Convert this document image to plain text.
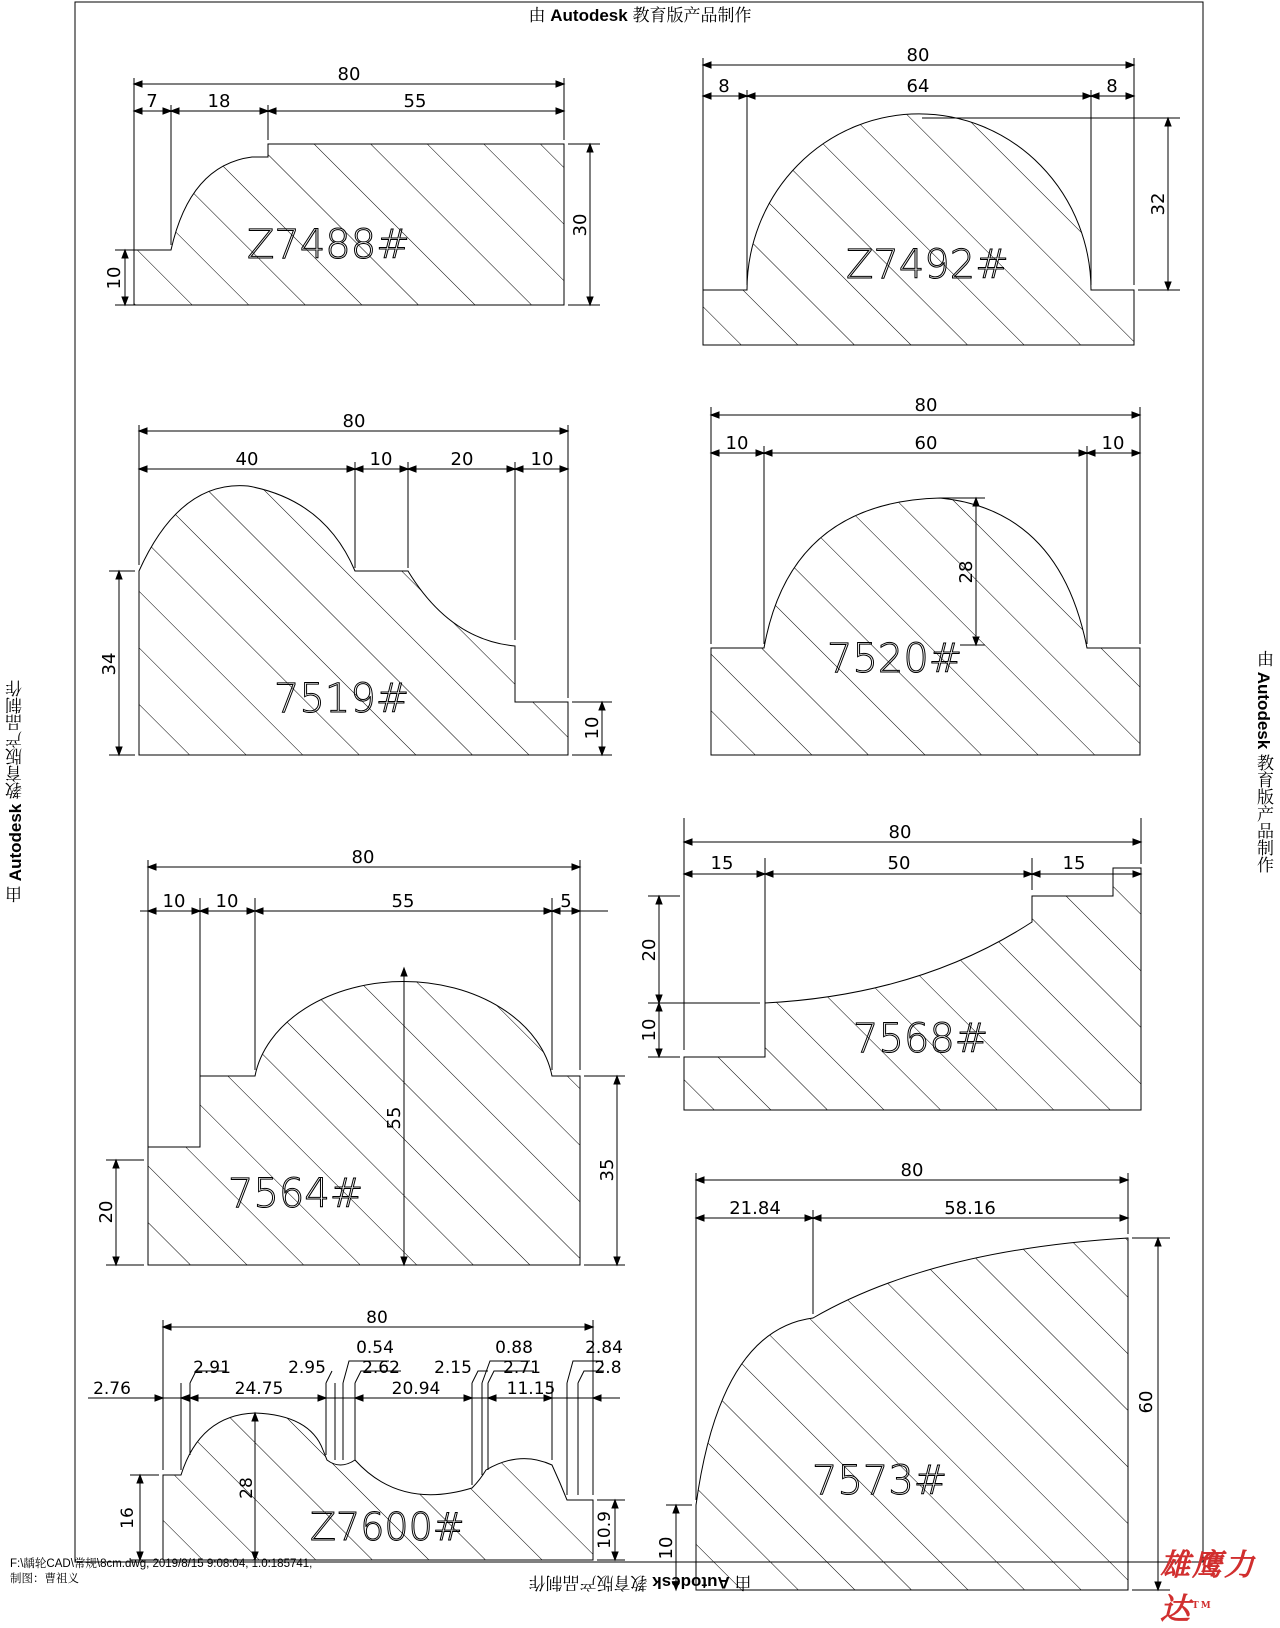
80
7	18	55
30
10
Z7488#
80
8	64	8
32
Z7492#
80
40	10	20	10
34
10
7519#
80
10	60	10
28
7520#
80
10 10	55	5
55
20
35
7564#
80
15	50	15
20
10	7568#
80
2.76
2.91
24.75
2.95
0.54
2.62
20.94
2.15
0.88
2.71
11.15
2.84
2.8
28
16	10.9
Z7600#
80
21.84	58.16
60
10
7573#
由 Autodesk 教育版产品制作
由 Autodesk 教育版产品制作
由 Autodesk 教育版产品制作
由 Autodesk 教育版产品制作
F:\龋轮CAD\常规\8cm.dwg, 2019/8/15 9:08:04, 1.0:185741,
制图：曹祖义	雄鹰力达™
